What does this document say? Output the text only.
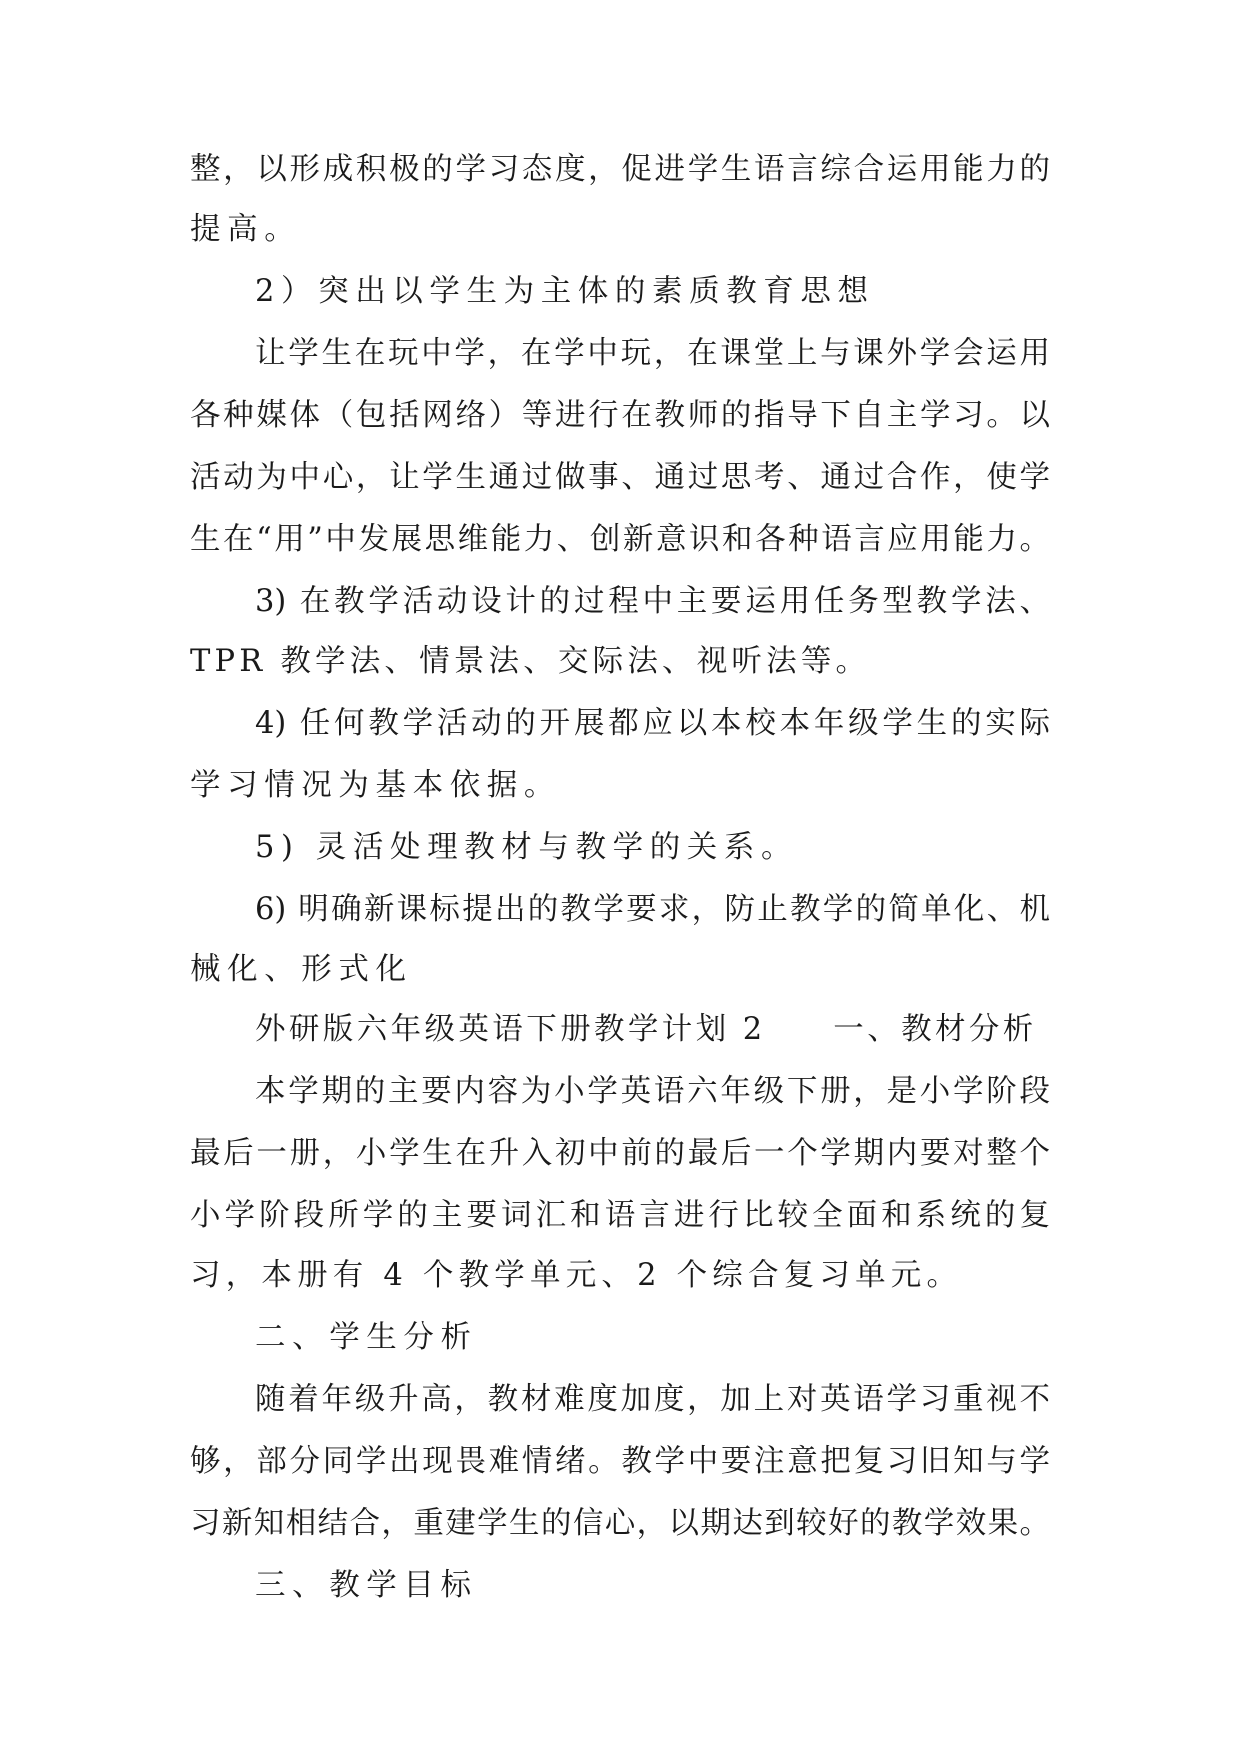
整，以形成积极的学习态度，促进学生语言综合运用能力的
提高。
2）突出以学生为主体的素质教育思想
让学生在玩中学，在学中玩，在课堂上与课外学会运用
各种媒体（包括网络）等进行在教师的指导下自主学习。以
活动为中心，让学生通过做事、通过思考、通过合作，使学
生在“用”中发展思维能力、创新意识和各种语言应用能力。
3) 在教学活动设计的过程中主要运用任务型教学法、
TPR 教学法、情景法、交际法、视听法等。
4) 任何教学活动的开展都应以本校本年级学生的实际
学习情况为基本依据。
5) 灵活处理教材与教学的关系。
6) 明确新课标提出的教学要求，防止教学的简单化、机
械化、形式化
外研版六年级英语下册教学计划 2　　一、教材分析
本学期的主要内容为小学英语六年级下册，是小学阶段
最后一册，小学生在升入初中前的最后一个学期内要对整个
小学阶段所学的主要词汇和语言进行比较全面和系统的复
习，本册有 4 个教学单元、2 个综合复习单元。
二、学生分析
随着年级升高，教材难度加度，加上对英语学习重视不
够，部分同学出现畏难情绪。教学中要注意把复习旧知与学
习新知相结合，重建学生的信心，以期达到较好的教学效果。
三、教学目标
